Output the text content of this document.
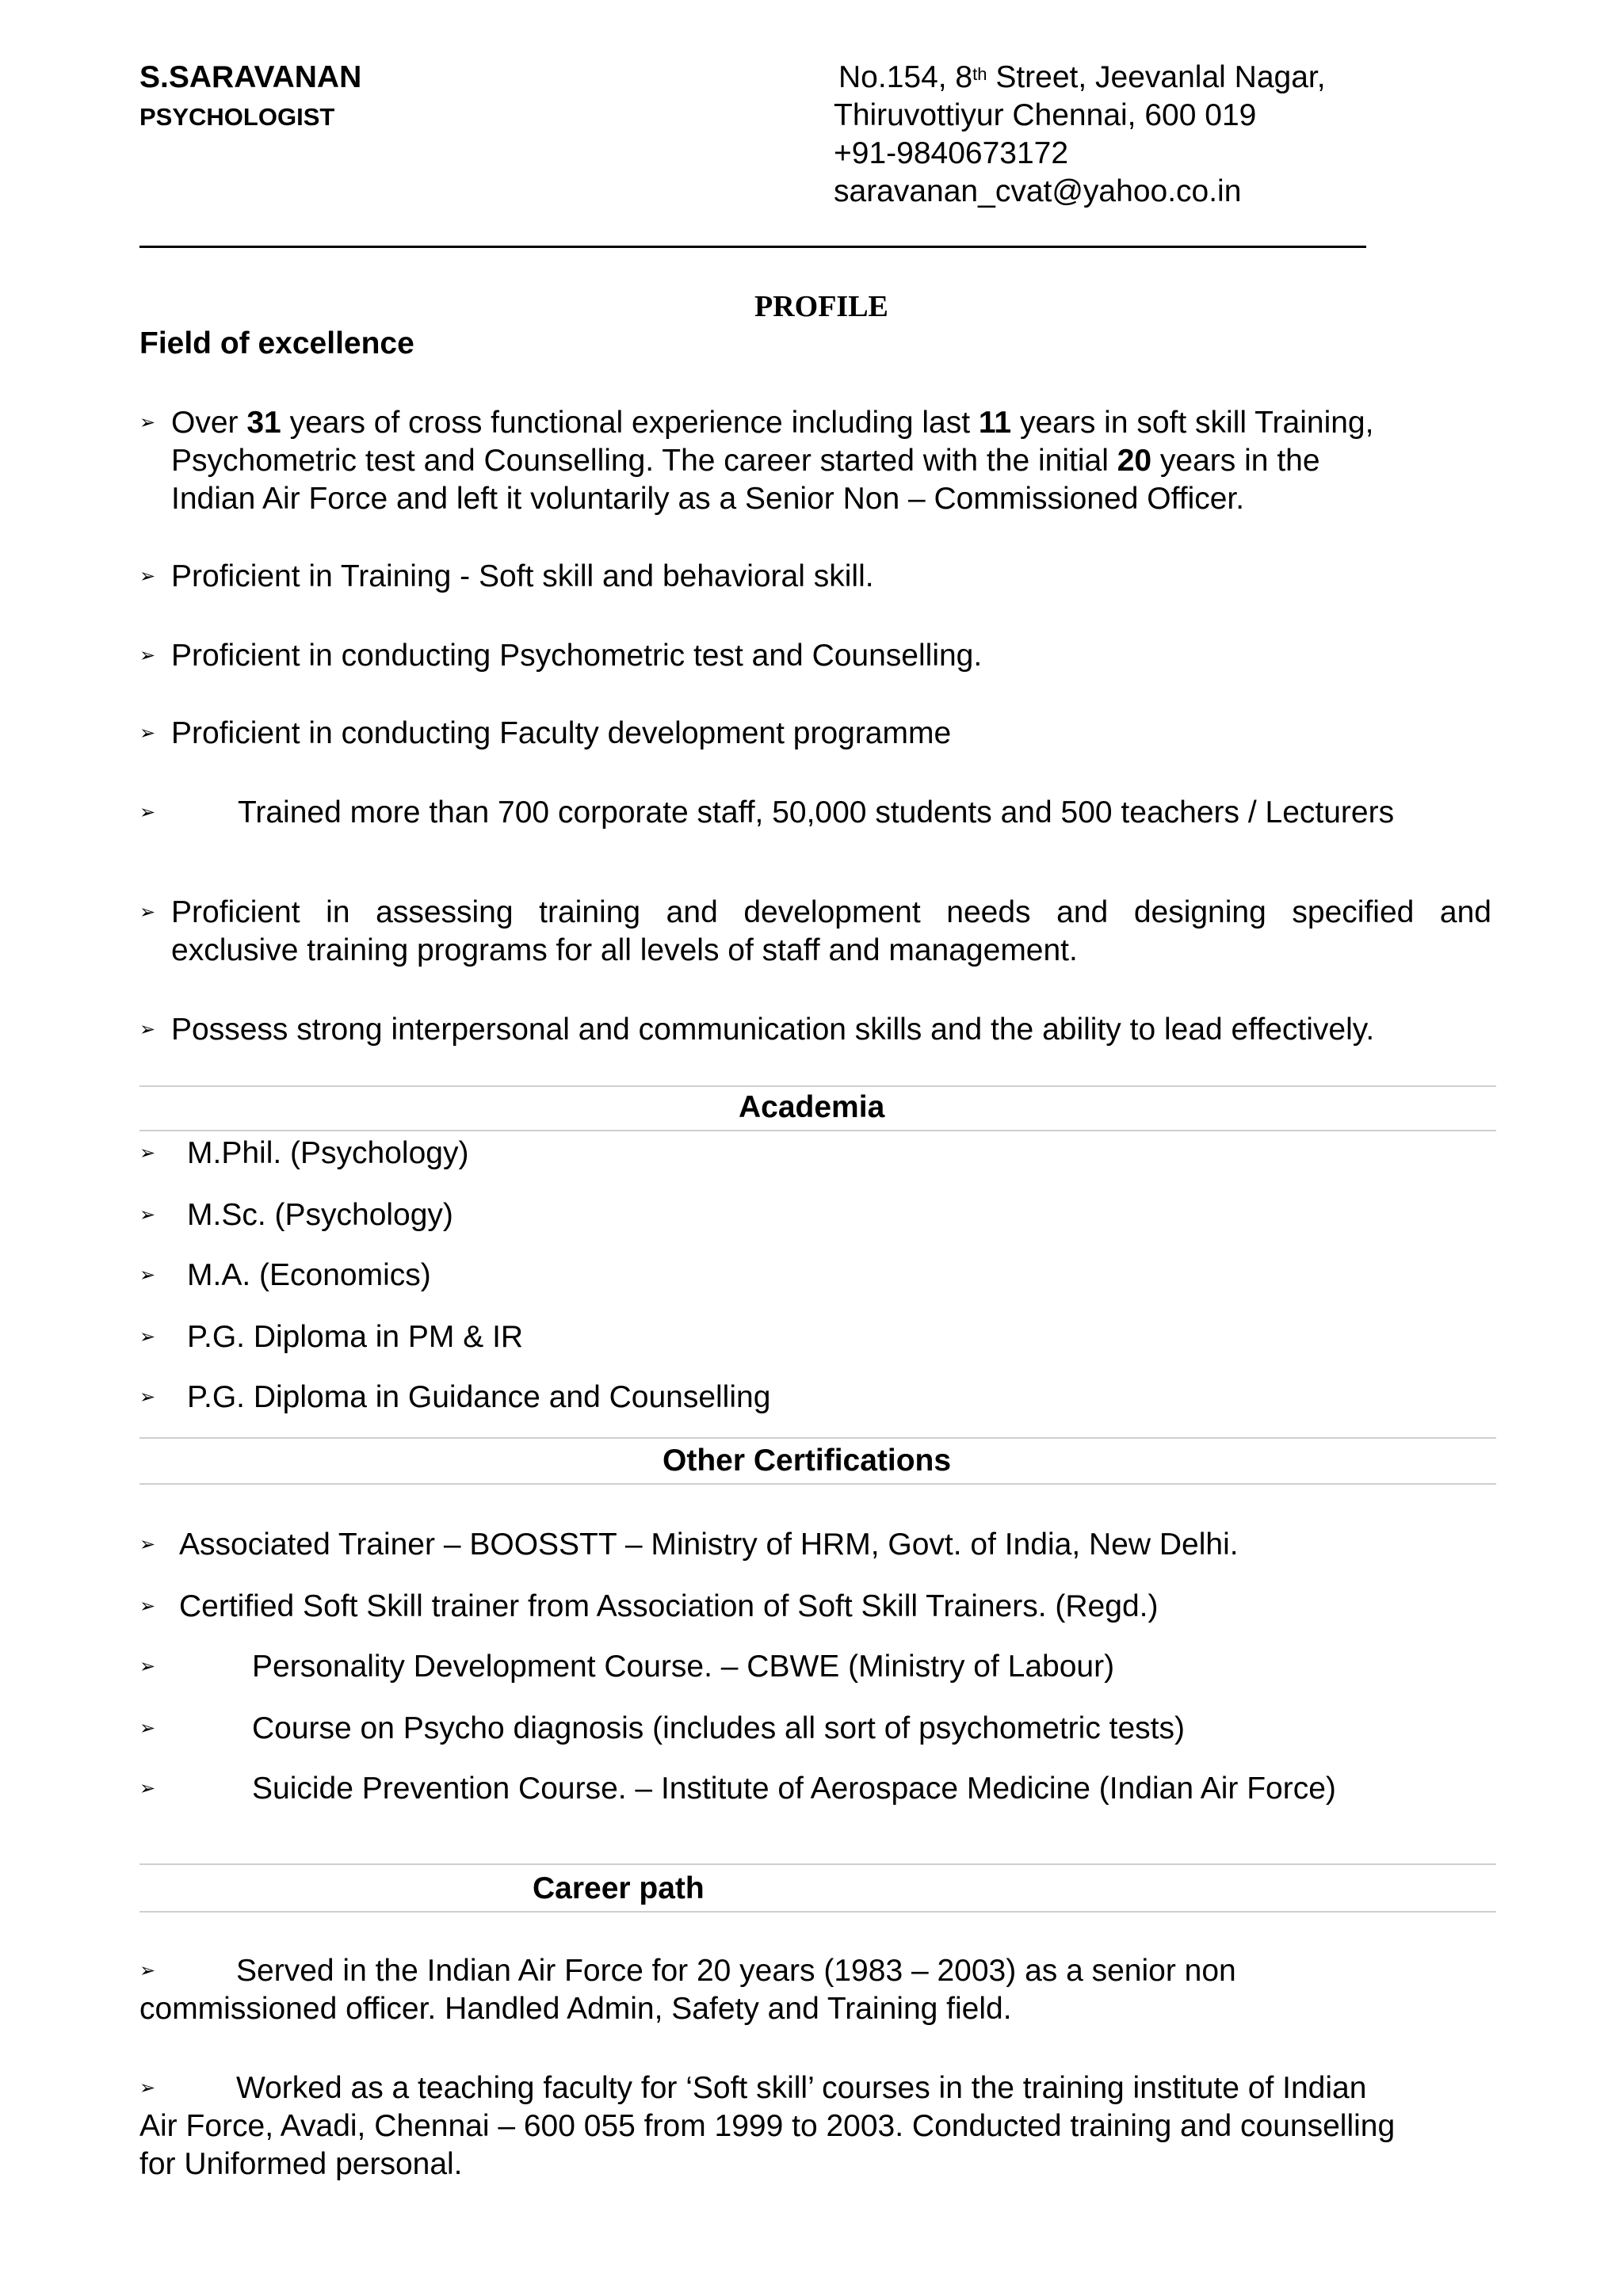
S.SARAVANAN
PSYCHOLOGIST
No.154, 8th Street, Jeevanlal Nagar,
Thiruvottiyur Chennai, 600 019
+91-9840673172
saravanan_cvat@yahoo.co.in
PROFILE
Field of excellence
➢ Over 31 years of cross functional experience including last 11 years in soft skill Training,
Psychometric test and Counselling. The career started with the initial 20 years in the
Indian Air Force and left it voluntarily as a Senior Non – Commissioned Officer.
➢ Proficient in Training - Soft skill and behavioral skill.
➢ Proficient in conducting Psychometric test and Counselling.
➢ Proficient in conducting Faculty development programme
➢	Trained more than 700 corporate staff, 50,000 students and 500 teachers / Lecturers
➢ Proficient in assessing training and development needs and designing specified and
exclusive training programs for all levels of staff and management.
➢ Possess strong interpersonal and communication skills and the ability to lead effectively.
Academia
➢ M.Phil. (Psychology)
➢ M.Sc. (Psychology)
➢ M.A. (Economics)
➢ P.G. Diploma in PM & IR
➢ P.G. Diploma in Guidance and Counselling
Other Certifications
➢ Associated Trainer – BOOSSTT – Ministry of HRM, Govt. of India, New Delhi.
➢ Certified Soft Skill trainer from Association of Soft Skill Trainers. (Regd.)
➢	Personality Development Course. – CBWE (Ministry of Labour)
➢	Course on Psycho diagnosis (includes all sort of psychometric tests)
➢	Suicide Prevention Course. – Institute of Aerospace Medicine (Indian Air Force)
Career path
➢	Served in the Indian Air Force for 20 years (1983 – 2003) as a senior non
commissioned officer. Handled Admin, Safety and Training field.
➢	Worked as a teaching faculty for ‘Soft skill’ courses in the training institute of Indian
Air Force, Avadi, Chennai – 600 055 from 1999 to 2003. Conducted training and counselling
for Uniformed personal.
